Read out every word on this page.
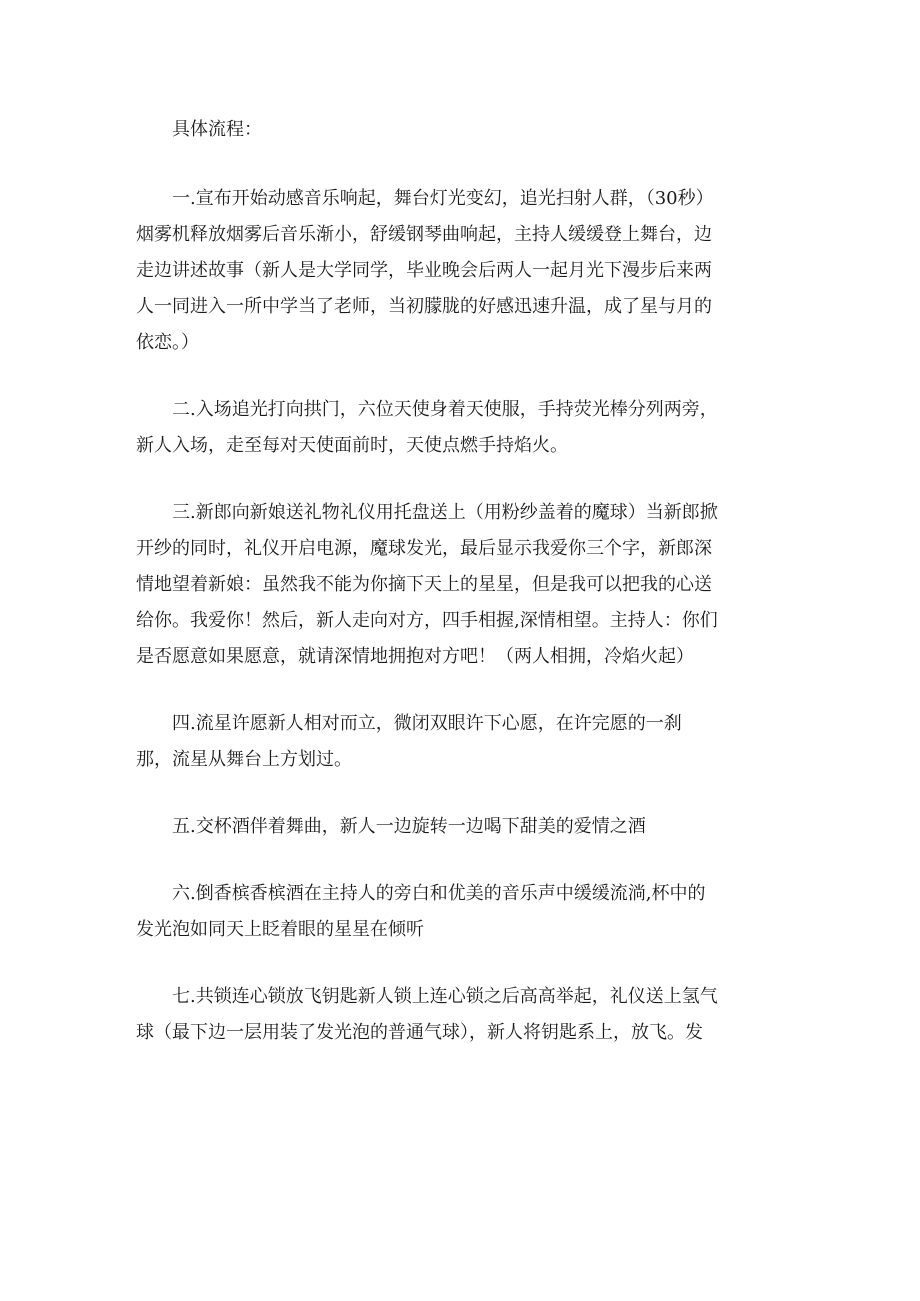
具体流程：

一.宣布开始动感音乐响起，舞台灯光变幻，追光扫射人群，（30秒）
烟雾机释放烟雾后音乐渐小，舒缓钢琴曲响起，主持人缓缓登上舞台，边
走边讲述故事（新人是大学同学，毕业晚会后两人一起月光下漫步后来两
人一同进入一所中学当了老师，当初朦胧的好感迅速升温，成了星与月的
依恋。）

二.入场追光打向拱门，六位天使身着天使服，手持荧光棒分列两旁，
新人入场，走至每对天使面前时，天使点燃手持焰火。

三.新郎向新娘送礼物礼仪用托盘送上（用粉纱盖着的魔球）当新郎掀
开纱的同时，礼仪开启电源，魔球发光，最后显示我爱你三个字，新郎深
情地望着新娘：虽然我不能为你摘下天上的星星，但是我可以把我的心送
给你。我爱你！然后，新人走向对方，四手相握,深情相望。主持人：你们
是否愿意如果愿意，就请深情地拥抱对方吧！（两人相拥，冷焰火起）

四.流星许愿新人相对而立，微闭双眼许下心愿，在许完愿的一刹
那，流星从舞台上方划过。

五.交杯酒伴着舞曲，新人一边旋转一边喝下甜美的爱情之酒

六.倒香槟香槟酒在主持人的旁白和优美的音乐声中缓缓流淌,杯中的
发光泡如同天上眨着眼的星星在倾听

七.共锁连心锁放飞钥匙新人锁上连心锁之后高高举起，礼仪送上氢气
球（最下边一层用装了发光泡的普通气球），新人将钥匙系上，放飞。发
